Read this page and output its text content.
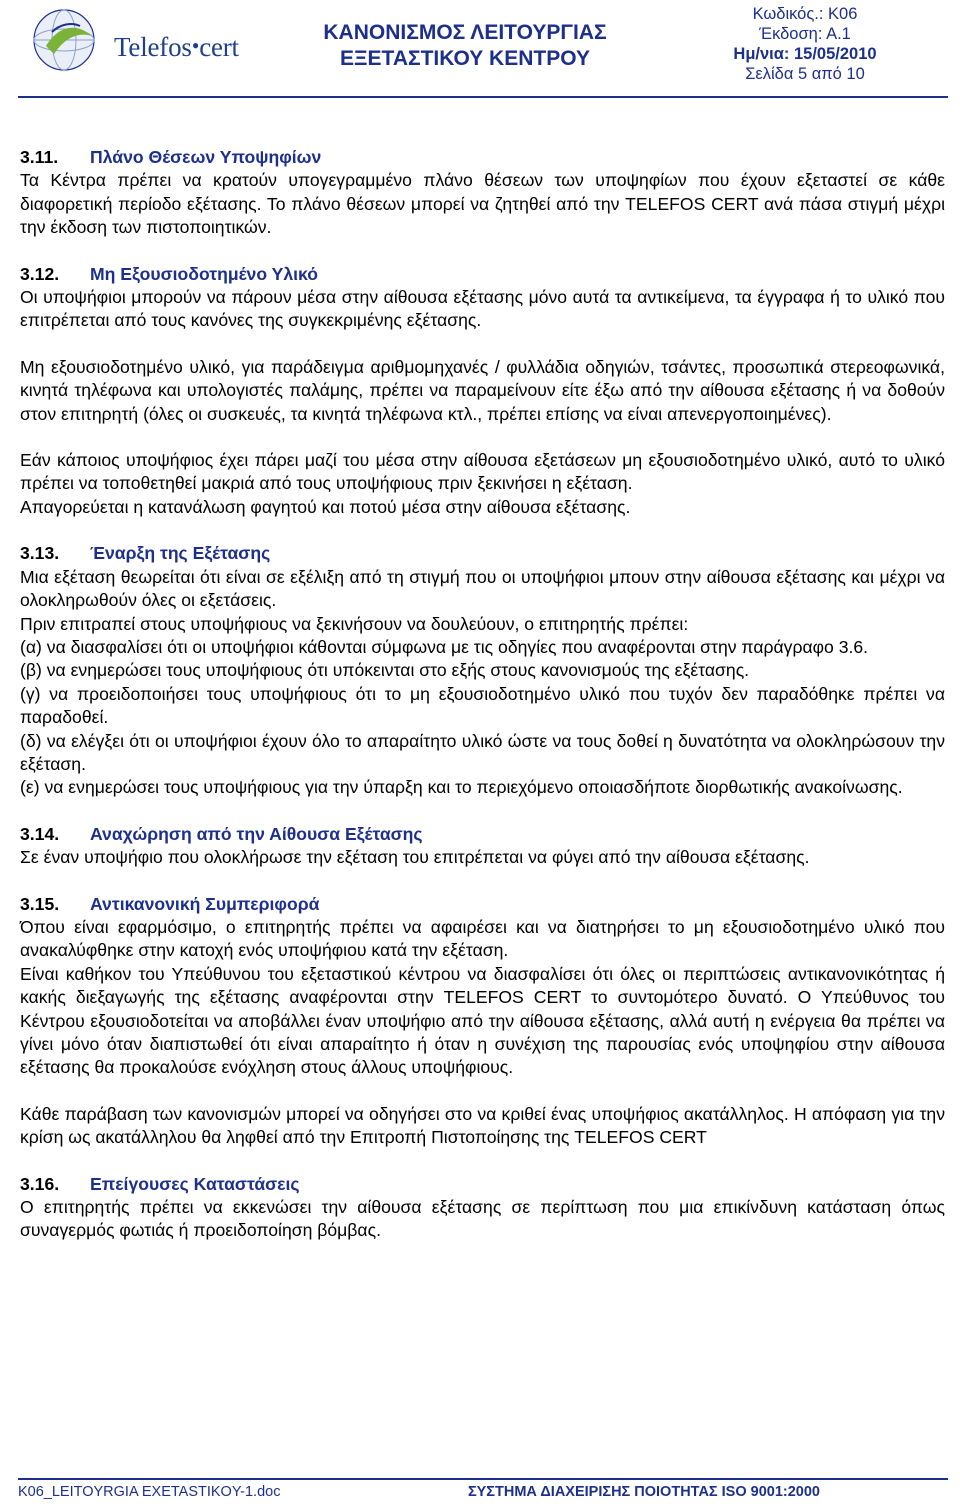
Telefos•cert	ΚΑΝΟΝΙΣΜΟΣ ΛΕΙΤΟΥΡΓΙΑΣ
ΕΞΕΤΑΣΤΙΚΟΥ ΚΕΝΤΡΟΥ
Κωδικός.: Κ06
Έκδοση: Α.1
Ημ/νια: 15/05/2010
Σελίδα 5 από 10
3.11.	Πλάνο Θέσεων Υποψηφίων
Τα Κέντρα πρέπει να κρατούν υπογεγραμμένο πλάνο θέσεων των υποψηφίων που έχουν εξεταστεί σε κάθε διαφορετική περίοδο εξέτασης. Το πλάνο θέσεων μπορεί να ζητηθεί από την TELEFOS CERT ανά πάσα στιγμή μέχρι την έκδοση των πιστοποιητικών.
3.12.	Μη Εξουσιοδοτημένο Υλικό
Οι υποψήφιοι μπορούν να πάρουν μέσα στην αίθουσα εξέτασης μόνο αυτά τα αντικείμενα, τα έγγραφα ή το υλικό που επιτρέπεται από τους κανόνες της συγκεκριμένης εξέτασης.
Μη εξουσιοδοτημένο υλικό, για παράδειγμα αριθμομηχανές / φυλλάδια οδηγιών, τσάντες, προσωπικά στερεοφωνικά, κινητά τηλέφωνα και υπολογιστές παλάμης, πρέπει να παραμείνουν είτε έξω από την αίθουσα εξέτασης ή να δοθούν στον επιτηρητή (όλες οι συσκευές, τα κινητά τηλέφωνα κτλ., πρέπει επίσης να είναι απενεργοποιημένες).
Εάν κάποιος υποψήφιος έχει πάρει μαζί του μέσα στην αίθουσα εξετάσεων μη εξουσιοδοτημένο υλικό, αυτό το υλικό πρέπει να τοποθετηθεί μακριά από τους υποψήφιους πριν ξεκινήσει η εξέταση.
Απαγορεύεται η κατανάλωση φαγητού και ποτού μέσα στην αίθουσα εξέτασης.
3.13.	Έναρξη της Εξέτασης
Μια εξέταση θεωρείται ότι είναι σε εξέλιξη από τη στιγμή που οι υποψήφιοι μπουν στην αίθουσα εξέτασης και μέχρι να ολοκληρωθούν όλες οι εξετάσεις.
Πριν επιτραπεί στους υποψήφιους να ξεκινήσουν να δουλεύουν, ο επιτηρητής πρέπει:
(α) να διασφαλίσει ότι οι υποψήφιοι κάθονται σύμφωνα με τις οδηγίες που αναφέρονται στην παράγραφο 3.6.
(β) να ενημερώσει τους υποψήφιους ότι υπόκεινται στο εξής στους κανονισμούς της εξέτασης.
(γ) να προειδοποιήσει τους υποψήφιους ότι το μη εξουσιοδοτημένο υλικό που τυχόν δεν παραδόθηκε πρέπει να παραδοθεί.
(δ) να ελέγξει ότι οι υποψήφιοι έχουν όλο το απαραίτητο υλικό ώστε να τους δοθεί η δυνατότητα να ολοκληρώσουν την εξέταση.
(ε) να ενημερώσει τους υποψήφιους για την ύπαρξη και το περιεχόμενο οποιασδήποτε διορθωτικής ανακοίνωσης.
3.14.	Αναχώρηση από την Αίθουσα Εξέτασης
Σε έναν υποψήφιο που ολοκλήρωσε την εξέταση του επιτρέπεται να φύγει από την αίθουσα εξέτασης.
3.15.	Αντικανονική Συμπεριφορά
Όπου είναι εφαρμόσιμο, ο επιτηρητής πρέπει να αφαιρέσει και να διατηρήσει το μη εξουσιοδοτημένο υλικό που ανακαλύφθηκε στην κατοχή ενός υποψήφιου κατά την εξέταση.
Είναι καθήκον του Υπεύθυνου του εξεταστικού κέντρου να διασφαλίσει ότι όλες οι περιπτώσεις αντικανονικότητας ή κακής διεξαγωγής της εξέτασης αναφέρονται στην TELEFOS CERT το συντομότερο δυνατό. Ο Υπεύθυνος του Κέντρου εξουσιοδοτείται να αποβάλλει έναν υποψήφιο από την αίθουσα εξέτασης, αλλά αυτή η ενέργεια θα πρέπει να γίνει μόνο όταν διαπιστωθεί ότι είναι απαραίτητο ή όταν η συνέχιση της παρουσίας ενός υποψηφίου στην αίθουσα εξέτασης θα προκαλούσε ενόχληση στους άλλους υποψήφιους.
Κάθε παράβαση των κανονισμών μπορεί να οδηγήσει στο να κριθεί ένας υποψήφιος ακατάλληλος. Η απόφαση για την κρίση ως ακατάλληλου θα ληφθεί από την Επιτροπή Πιστοποίησης της TELEFOS CERT
3.16.	Επείγουσες Καταστάσεις
Ο επιτηρητής πρέπει να εκκενώσει την αίθουσα εξέτασης σε περίπτωση που μια επικίνδυνη κατάσταση όπως συναγερμός φωτιάς ή προειδοποίηση βόμβας.
K06_LEITOYRGIA EXETASTIKOY-1.doc	ΣΥΣΤΗΜΑ ΔΙΑΧΕΙΡΙΣΗΣ ΠΟΙΟΤΗΤΑΣ ISO 9001:2000
